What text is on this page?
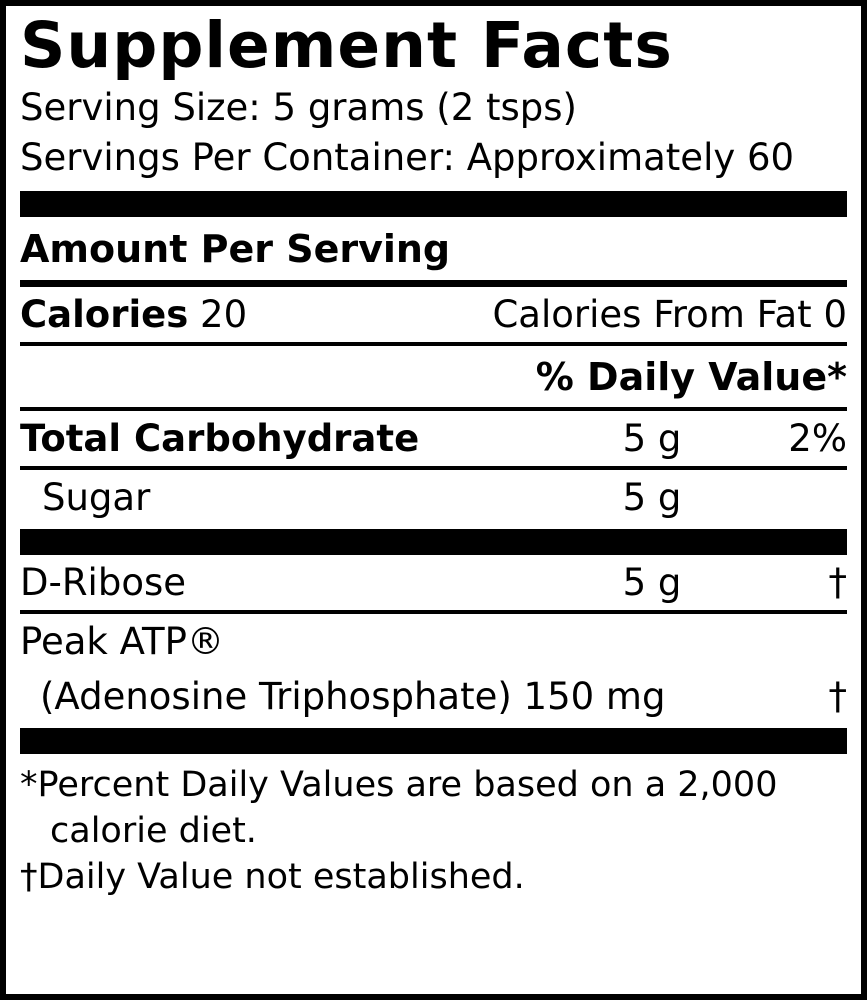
Supplement Facts
Serving Size: 5 grams (2 tsps)
Servings Per Container: Approximately 60
Amount Per Serving
Calories 20	Calories From Fat 0
% Daily Value*
Total Carbohydrate	5 g	2%
Sugar	5 g
D-Ribose	5 g	†
Peak ATP®
(Adenosine Triphosphate) 150 mg	†
*Percent Daily Values are based on a 2,000
calorie diet.
†Daily Value not established.
